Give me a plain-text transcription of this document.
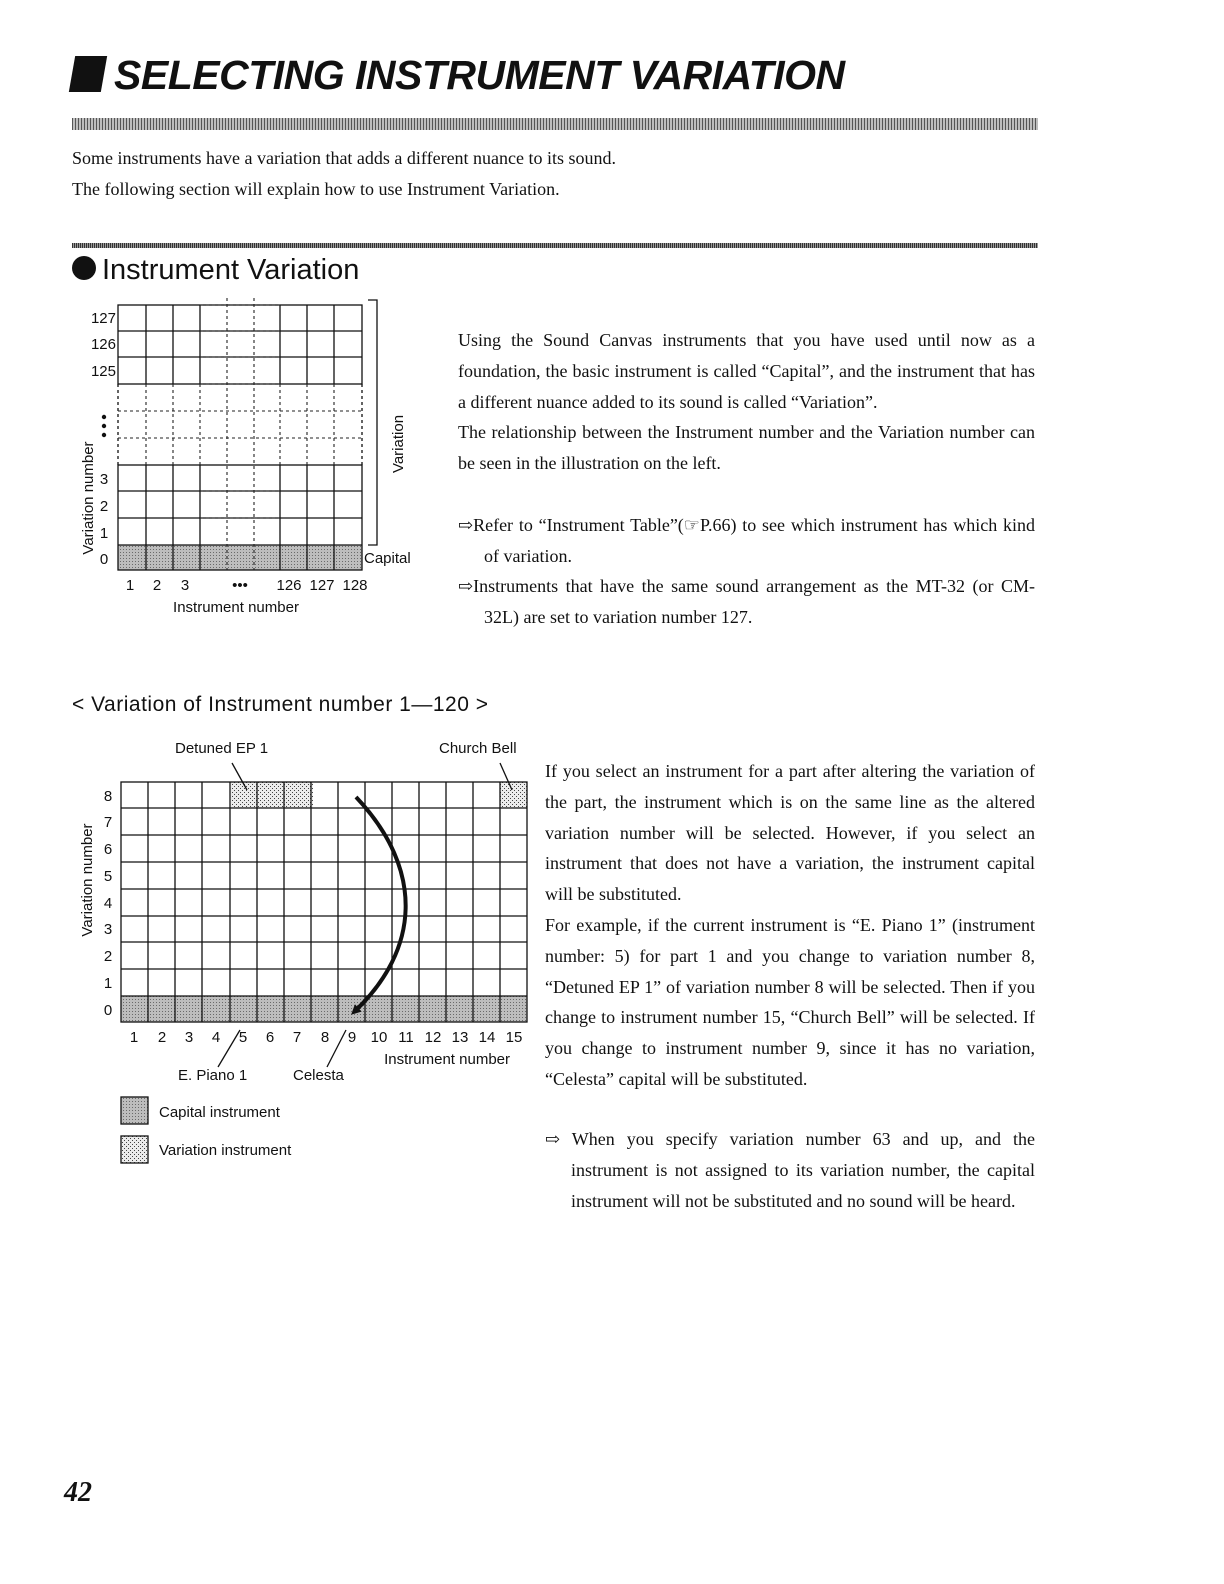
SELECTING INSTRUMENT VARIATION

Some instruments have a variation that adds a different nuance to its sound.

The following section will explain how to use Instrument Variation.

Instrument Variation
127
126
125
3
2
1
0
Variation number
1 2 3	••• 126 127 128
Instrument number
Variation
Capital
8
7
6
5
4
3
2
1
0
Variation number
1 2 3 4 5 6 7 8 9 10 11 12 13 14 15
Instrument number
Detuned EP 1	Church Bell
E. Piano 1	Celesta
Capital instrument
Variation instrument

Using the Sound Canvas instruments that you have used until now as a foundation, the basic instrument is called “Capital”, and the instrument that has a different nuance added to its sound is called “Variation”.

The relationship between the Instrument number and the Variation number can be seen in the illustration on the left.

⇨Refer to “Instrument Table”(☞P.66) to see which instrument has which kind of variation.

⇨Instruments that have the same sound arrangement as the MT-32 (or CM-32L) are set to variation number 127.

< Variation of Instrument number 1—120 >

If you select an instrument for a part after altering the variation of the part, the instrument which is on the same line as the altered variation number will be selected. However, if you select an instrument that does not have a variation, the instrument capital will be substituted.

For example, if the current instrument is “E. Piano 1” (instrument number: 5) for part 1 and you change to variation number 8, “Detuned EP 1” of variation number 8 will be selected. Then if you change to instrument number 15, “Church Bell” will be selected. If you change to instrument number 9, since it has no variation, “Celesta” capital will be substituted.

⇨ When you specify variation number 63 and up, and the instrument is not assigned to its variation number, the capital instrument will not be substituted and no sound will be heard.

42
